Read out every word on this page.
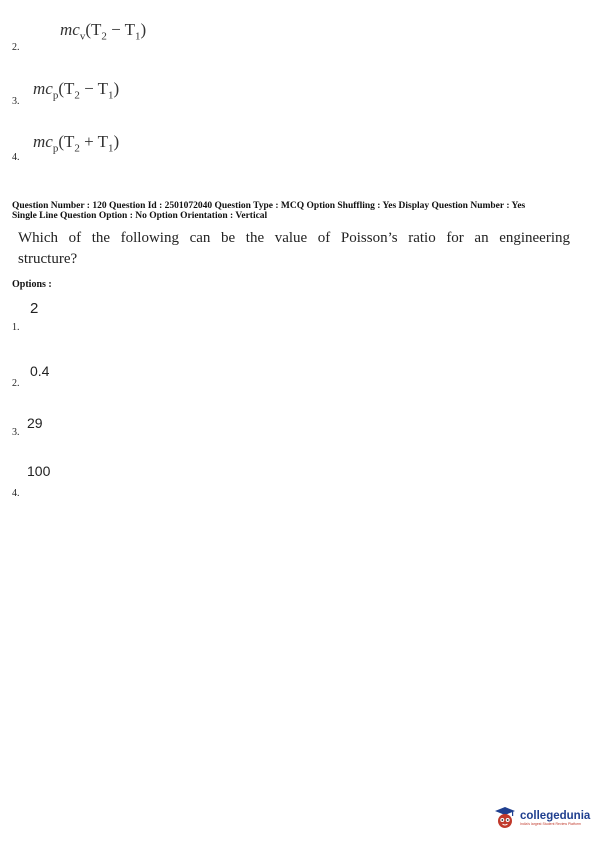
$mc_v(T_2 - T_1)$
2.
$mc_p(T_2 - T_1)$
3.
$mc_p(T_2 + T_1)$
4.
Question Number : 120 Question Id : 2501072040 Question Type : MCQ Option Shuffling : Yes Display Question Number : Yes
Single Line Question Option : No Option Orientation : Vertical
Which of the following can be the value of Poisson’s ratio for an engineering
structure?
Options :
2
1.
0.4
2.
29
3.
100
4.
collegedunia
India's largest Student Review Platform
